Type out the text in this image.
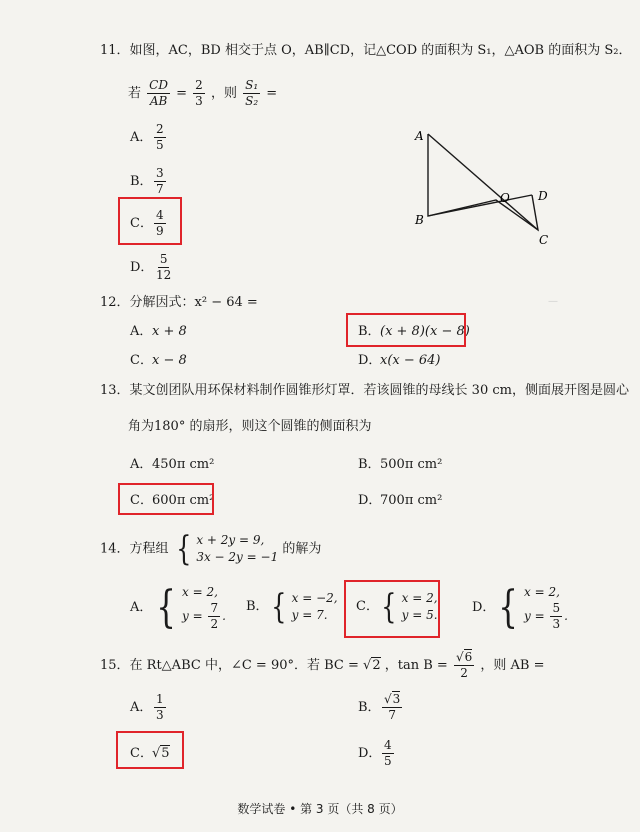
—
11．如图，AC，BD 相交于点 O，AB∥CD，记△COD 的面积为 S₁，△AOB 的面积为 S₂．
若 $\frac{CD}{AB} = \frac{2}{3}$ ，则 $\frac{\text{S₁}}{\text{S₂}}$ =
A． $\frac{2}{5}$
B． $\frac{3}{7}$
C． $\frac{4}{9}$
D． $\frac{5}{12}$
A
B
O D
C
12．分解因式：x² − 64 =
A．x + 8	B．(x + 8)(x − 8)
C．x − 8	D．x(x − 64)
13．某文创团队用环保材料制作圆锥形灯罩．若该圆锥的母线长 30 cm，侧面展开图是圆心
角为180° 的扇形，则这个圆锥的侧面积为
A．450π cm²	B．500π cm²
C．600π cm²	D．700π cm²
14．方程组 { x + 2y = 9,
3x − 2y = −1
的解为
A． { x = 2,
y =
$\frac{7}{2}$ .
B． { x = −2,
y = 7.
C． { x = 2,
y = 5.	D． { x = 2,
y =
$\frac{5}{3}$ .
15．在 Rt△ABC 中，∠C = 90°．若 BC = √2 ，$\tan B = \frac{√6}{2}$ ，则 AB =
A． $\frac{1}{3}$	B． $\frac{√3}{7}$
C．√5	D． $\frac{4}{5}$
数学试卷 • 第 3 页（共 8 页）
